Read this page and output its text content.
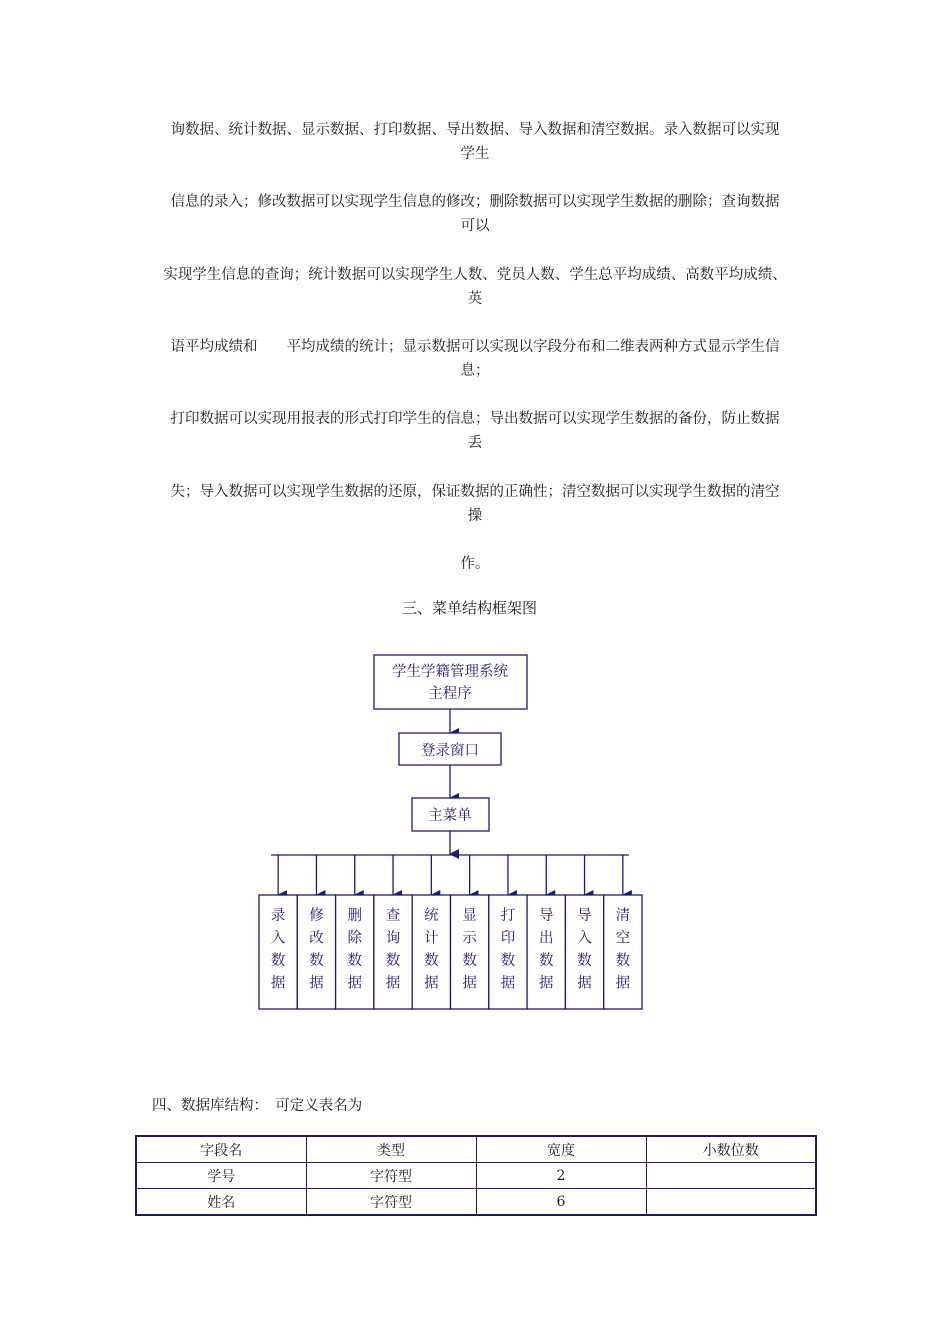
询数据、统计数据、显示数据、打印数据、导出数据、导入数据和清空数据。录入数据可以实现
学生
信息的录入；修改数据可以实现学生信息的修改；删除数据可以实现学生数据的删除；查询数据
可以
实现学生信息的查询；统计数据可以实现学生人数、党员人数、学生总平均成绩、高数平均成绩、
英
语平均成绩和　　平均成绩的统计；显示数据可以实现以字段分布和二维表两种方式显示学生信
息；
打印数据可以实现用报表的形式打印学生的信息；导出数据可以实现学生数据的备份，防止数据
丢
失；导入数据可以实现学生数据的还原，保证数据的正确性；清空数据可以实现学生数据的清空
操
作。
三、菜单结构框架图
学生学籍管理系统
主程序
登录窗口
主菜单
录
入
数
据
修
改
数
据
删
除
数
据
查
询
数
据
统
计
数
据
显
示
数
据
打
印
数
据
导
出
数
据
导
入
数
据
清
空
数
据
四、数据库结构：　可定义表名为
字段名	类型	宽度	小数位数
学号	字符型	2	
姓名	字符型	6	
